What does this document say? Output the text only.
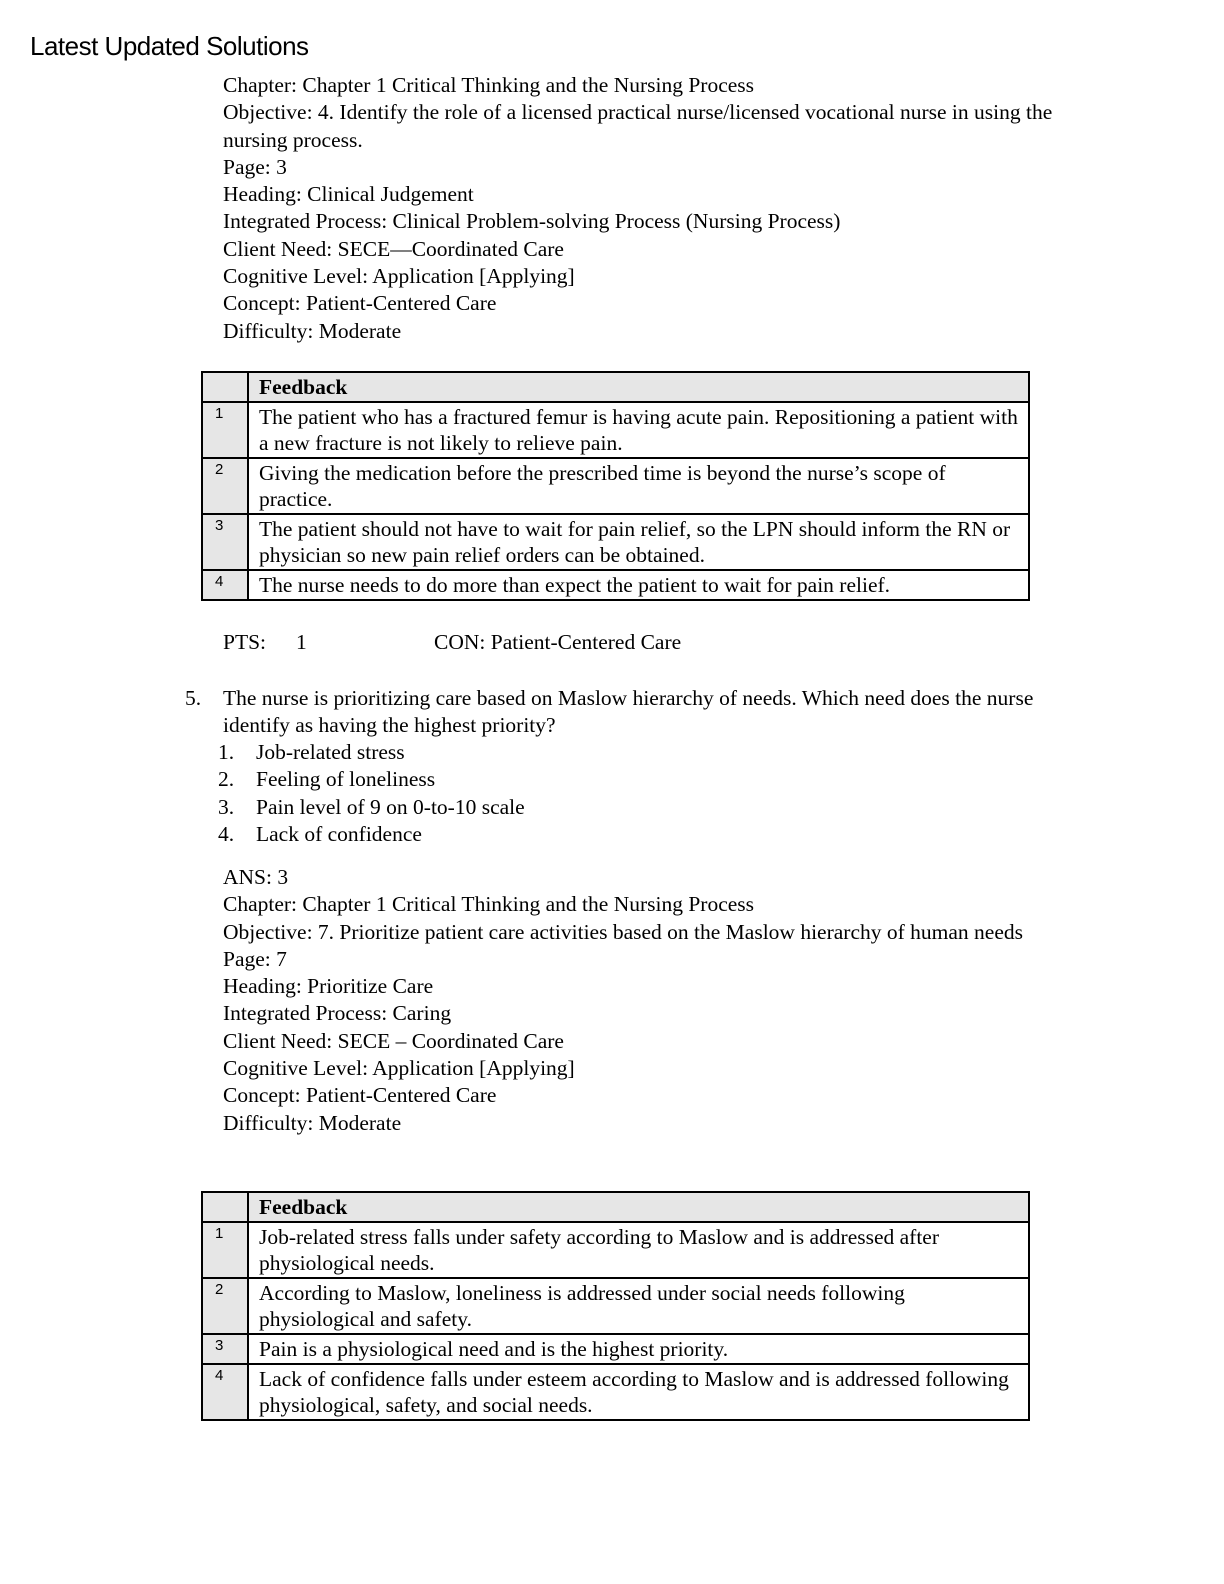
Latest Updated Solutions
Chapter: Chapter 1 Critical Thinking and the Nursing Process
Objective: 4. Identify the role of a licensed practical nurse/licensed vocational nurse in using the nursing process.
Page: 3
Heading: Clinical Judgement
Integrated Process: Clinical Problem-solving Process (Nursing Process)
Client Need: SECE—Coordinated Care
Cognitive Level: Application [Applying]
Concept: Patient-Centered Care
Difficulty: Moderate
	Feedback
1	The patient who has a fractured femur is having acute pain. Repositioning a patient with a new fracture is not likely to relieve pain.
2	Giving the medication before the prescribed time is beyond the nurse’s scope of practice.
3	The patient should not have to wait for pain relief, so the LPN should inform the RN or physician so new pain relief orders can be obtained.
4	The nurse needs to do more than expect the patient to wait for pain relief.
PTS: 1	CON: Patient-Centered Care
5. The nurse is prioritizing care based on Maslow hierarchy of needs. Which need does the nurse identify as having the highest priority?
1. Job-related stress
2. Feeling of loneliness
3. Pain level of 9 on 0-to-10 scale
4. Lack of confidence
ANS: 3
Chapter: Chapter 1 Critical Thinking and the Nursing Process
Objective: 7. Prioritize patient care activities based on the Maslow hierarchy of human needs
Page: 7
Heading: Prioritize Care
Integrated Process: Caring
Client Need: SECE – Coordinated Care
Cognitive Level: Application [Applying]
Concept: Patient-Centered Care
Difficulty: Moderate
	Feedback
1	Job-related stress falls under safety according to Maslow and is addressed after physiological needs.
2	According to Maslow, loneliness is addressed under social needs following physiological and safety.
3	Pain is a physiological need and is the highest priority.
4	Lack of confidence falls under esteem according to Maslow and is addressed following physiological, safety, and social needs.
